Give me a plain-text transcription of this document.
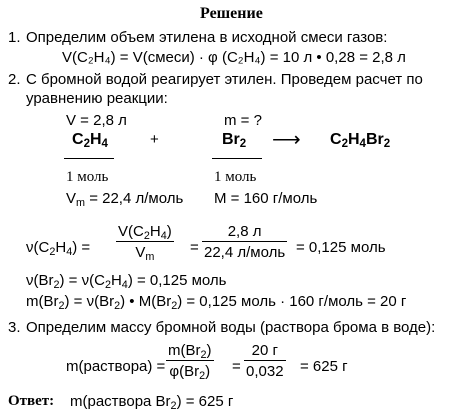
Решение
1. Определим объем этилена в исходной смеси газов:
V(C₂H₄) = V(смеси) · φ (C₂H₄) = 10 л • 0,28 = 2,8 л
2. С бромной водой реагирует этилен. Проведем расчет по
уравнению реакции:
V = 2,8 л	m = ?
$C_2H_4$	+	$Br_2$ ⟶ $C_2H_4Br_2$
1 моль	1 моль
$V_m = 22,4$ л/моль M = 160 г/моль
$\nu(C_2H_4)$ =
$V(C_2H_4)$
$V_m$
=
2,8 л
22,4 л/моль = 0,125 моль
$\nu(Br_2) = \nu(C_2H_4) = 0,125$ моль
$m(Br_2) = \nu(Br_2)$ • $M(Br_2) = 0,125$ моль · 160 г/моль = 20 г
3. Определим массу бромной воды (раствора брома в воде):
m(раствора) =
$m(Br_2)$
$\varphi(Br_2)$ =
20 г
0,032 = 625 г
Ответ: m(раствора $Br_2) = 625$ г
